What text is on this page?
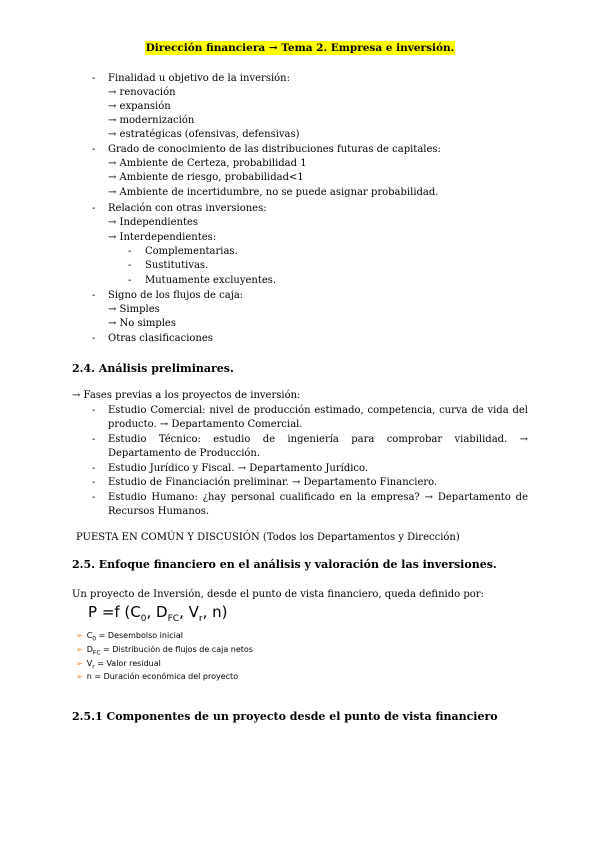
Dirección financiera → Tema 2. Empresa e inversión.
- Finalidad u objetivo de la inversión:
→ renovación
→ expansión
→ modernización
→ estratégicas (ofensivas, defensivas)
- Grado de conocimiento de las distribuciones futuras de capitales:
→ Ambiente de Certeza, probabilidad 1
→ Ambiente de riesgo, probabilidad<1
→ Ambiente de incertidumbre, no se puede asignar probabilidad.
- Relación con otras inversiones:
→ Independientes
→ Interdependientes:
- Complementarias.
- Sustitutivas.
- Mutuamente excluyentes.
- Signo de los flujos de caja:
→ Simples
→ No simples
- Otras clasificaciones
2.4. Análisis preliminares.
→ Fases previas a los proyectos de inversión:
- Estudio Comercial: nivel de producción estimado, competencia, curva de vida del producto. → Departamento Comercial.
- Estudio Técnico: estudio de ingeniería para comprobar viabilidad. → Departamento de Producción.
- Estudio Jurídico y Fiscal. → Departamento Jurídico.
- Estudio de Financiación preliminar. → Departamento Financiero.
- Estudio Humano: ¿hay personal cualificado en la empresa? → Departamento de Recursos Humanos.
PUESTA EN COMÚN Y DISCUSIÓN (Todos los Departamentos y Dirección)
2.5. Enfoque financiero en el análisis y valoración de las inversiones.
Un proyecto de Inversión, desde el punto de vista financiero, queda definido por:
P =f ($C_0$, $D_{FC}$, $V_r$, n)
➢ $C_0$ = Desembolso inicial
➢ $D_{FC}$ = Distribución de flujos de caja netos
➢ $V_r$ = Valor residual
➢ n = Duración económica del proyecto
2.5.1 Componentes de un proyecto desde el punto de vista financiero
